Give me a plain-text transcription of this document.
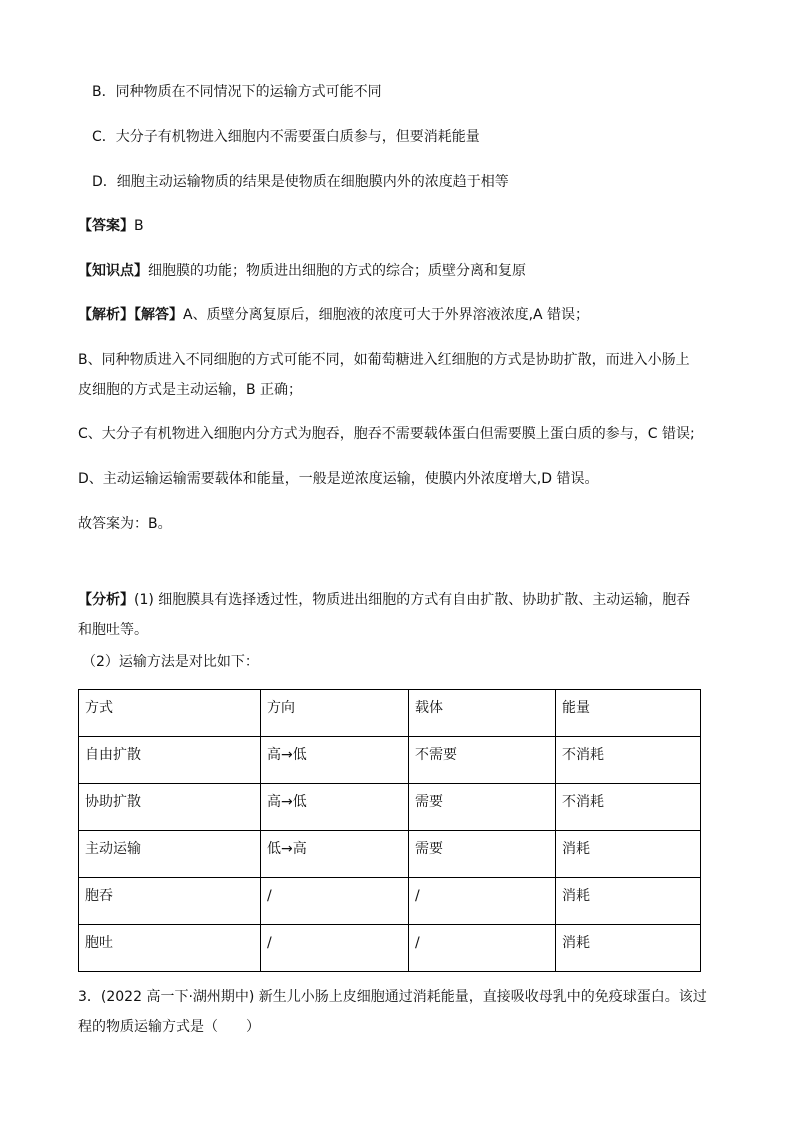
B．同种物质在不同情况下的运输方式可能不同
C．大分子有机物进入细胞内不需要蛋白质参与，但要消耗能量
D．细胞主动运输物质的结果是使物质在细胞膜内外的浓度趋于相等
【答案】B
【知识点】细胞膜的功能；物质进出细胞的方式的综合；质壁分离和复原
【解析】【解答】A、质壁分离复原后，细胞液的浓度可大于外界溶液浓度,A 错误；
B、同种物质进入不同细胞的方式可能不同，如葡萄糖进入红细胞的方式是协助扩散，而进入小肠上
皮细胞的方式是主动运输，B 正确；
C、大分子有机物进入细胞内分方式为胞吞，胞吞不需要载体蛋白但需要膜上蛋白质的参与，C 错误;
D、主动运输运输需要载体和能量，一般是逆浓度运输，使膜内外浓度增大,D 错误。
故答案为：B。
【分析】(1) 细胞膜具有选择透过性，物质进出细胞的方式有自由扩散、协助扩散、主动运输，胞吞
和胞吐等。
（2）运输方法是对比如下：
方式	方向	载体	能量
自由扩散	高→低	不需要	不消耗
协助扩散	高→低	需要	不消耗
主动运输	低→高	需要	消耗
胞吞	/	/	消耗
胞吐	/	/	消耗
3．(2022 高一下·湖州期中) 新生儿小肠上皮细胞通过消耗能量，直接吸收母乳中的免疫球蛋白。该过
程的物质运输方式是（　　）
